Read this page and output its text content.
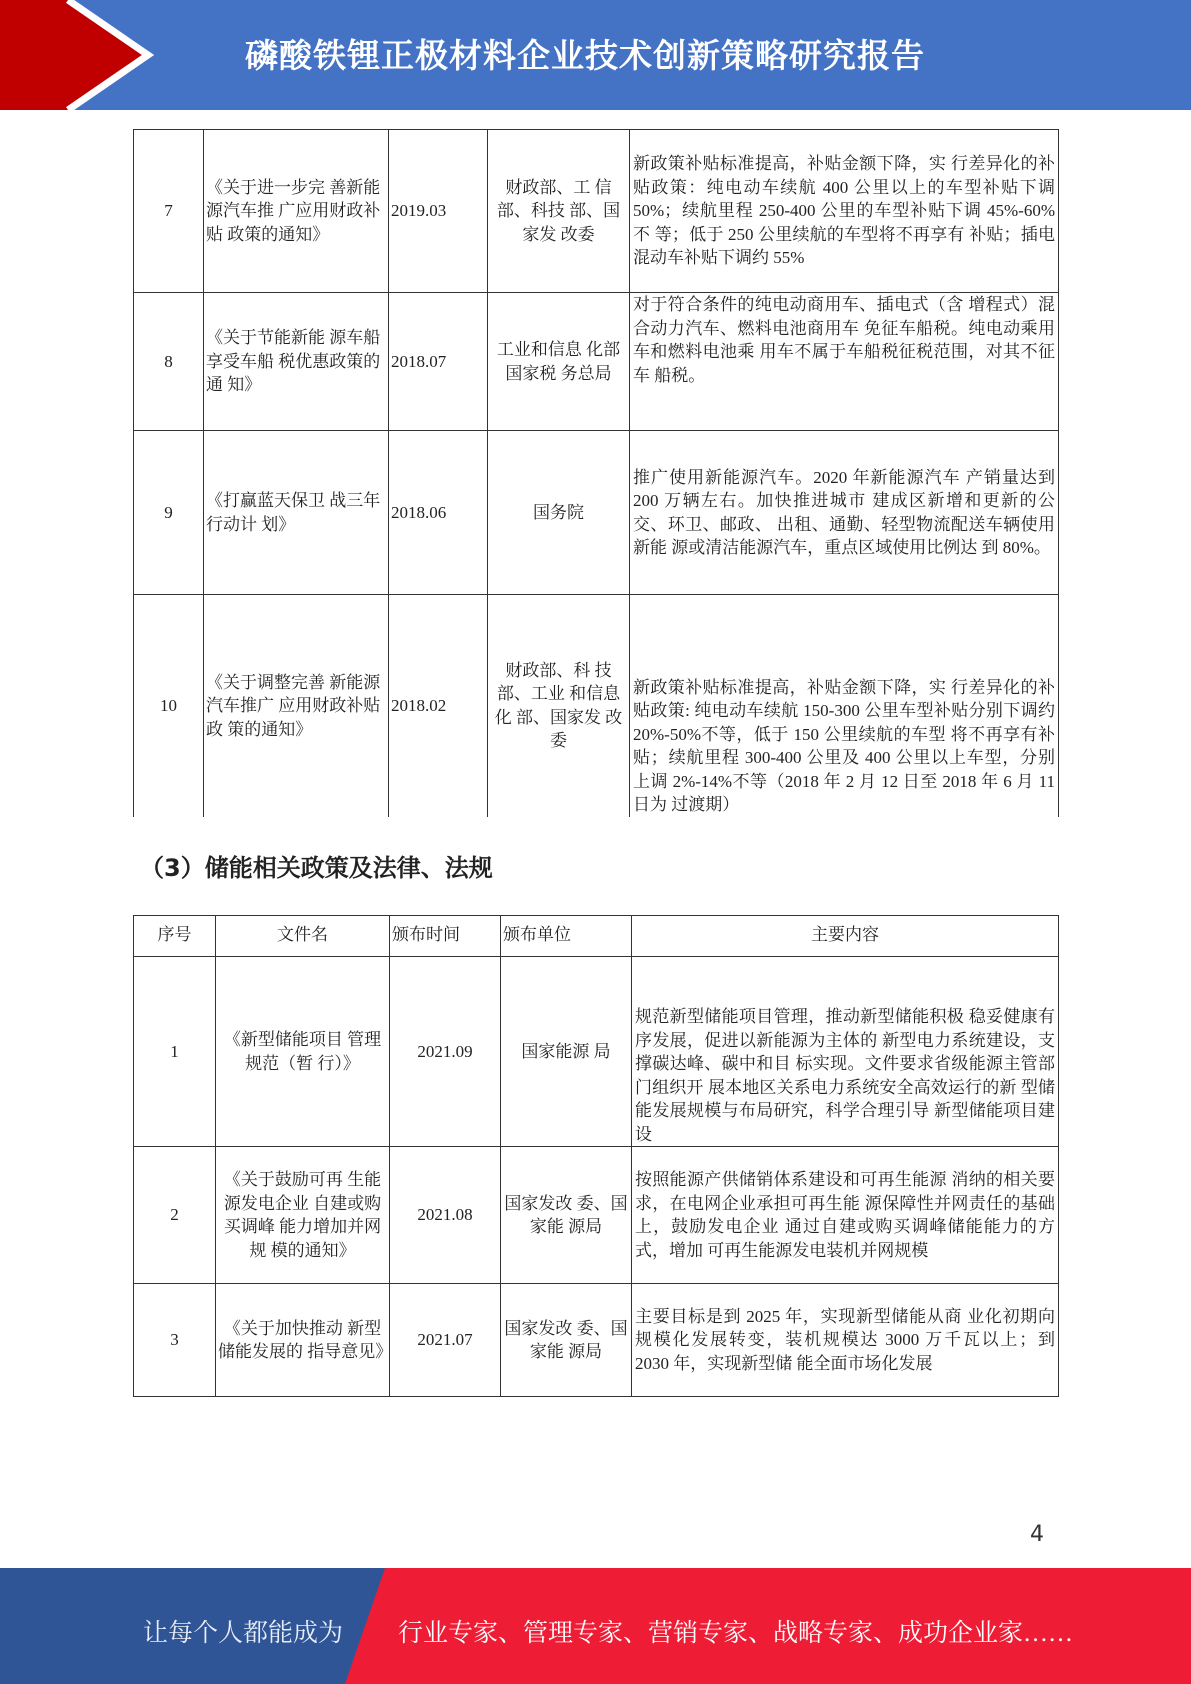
磷酸铁锂正极材料企业技术创新策略研究报告
7	《关于进一步完 善新能源汽车推 广应用财政补贴 政策的通知》	2019.03	财政部、工 信部、科技 部、国家发 改委	新政策补贴标准提高，补贴金额下降，实 行差异化的补贴政策：纯电动车续航 400 公里以上的车型补贴下调 50%；续航里程 250-400 公里的车型补贴下调 45%-60%不 等；低于 250 公里续航的车型将不再享有 补贴；插电混动车补贴下调约 55%
8	《关于节能新能 源车船享受车船 税优惠政策的通 知》	2018.07	工业和信息 化部国家税 务总局	对于符合条件的纯电动商用车、插电式（含 增程式）混合动力汽车、燃料电池商用车 免征车船税。纯电动乘用车和燃料电池乘 用车不属于车船税征税范围，对其不征车 船税。
9	《打赢蓝天保卫 战三年行动计 划》	2018.06	国务院	推广使用新能源汽车。2020 年新能源汽车 产销量达到 200 万辆左右。加快推进城市 建成区新增和更新的公交、环卫、邮政、 出租、通勤、轻型物流配送车辆使用新能 源或清洁能源汽车，重点区域使用比例达 到 80%。
10	《关于调整完善 新能源汽车推广 应用财政补贴政 策的通知》	2018.02	财政部、科 技部、工业 和信息化 部、国家发 改委	新政策补贴标准提高，补贴金额下降，实 行差异化的补贴政策: 纯电动车续航 150-300 公里车型补贴分别下调约 20%-50%不等，低于 150 公里续航的车型 将不再享有补贴；续航里程 300-400 公里及 400 公里以上车型，分别上调 2%-14%不等（2018 年 2 月 12 日至 2018 年 6 月 11 日为 过渡期）
（3）储能相关政策及法律、法规
序号	文件名	颁布时间	颁布单位	主要内容
1	《新型储能项目 管理规范（暂 行）》	2021.09	国家能源 局	规范新型储能项目管理，推动新型储能积极 稳妥健康有序发展，促进以新能源为主体的 新型电力系统建设，支撑碳达峰、碳中和目 标实现。文件要求省级能源主管部门组织开 展本地区关系电力系统安全高效运行的新 型储能发展规模与布局研究，科学合理引导 新型储能项目建设
2	《关于鼓励可再 生能源发电企业 自建或购买调峰 能力增加并网规 模的通知》	2021.08	国家发改 委、国家能 源局	按照能源产供储销体系建设和可再生能源 消纳的相关要求，在电网企业承担可再生能 源保障性并网责任的基础上，鼓励发电企业 通过自建或购买调峰储能能力的方式，增加 可再生能源发电装机并网规模
3	《关于加快推动 新型储能发展的 指导意见》	2021.07	国家发改 委、国家能 源局	主要目标是到 2025 年，实现新型储能从商 业化初期向规模化发展转变，装机规模达 3000 万千瓦以上；到 2030 年，实现新型储 能全面市场化发展
4
让每个人都能成为 行业专家、管理专家、营销专家、战略专家、成功企业家……
